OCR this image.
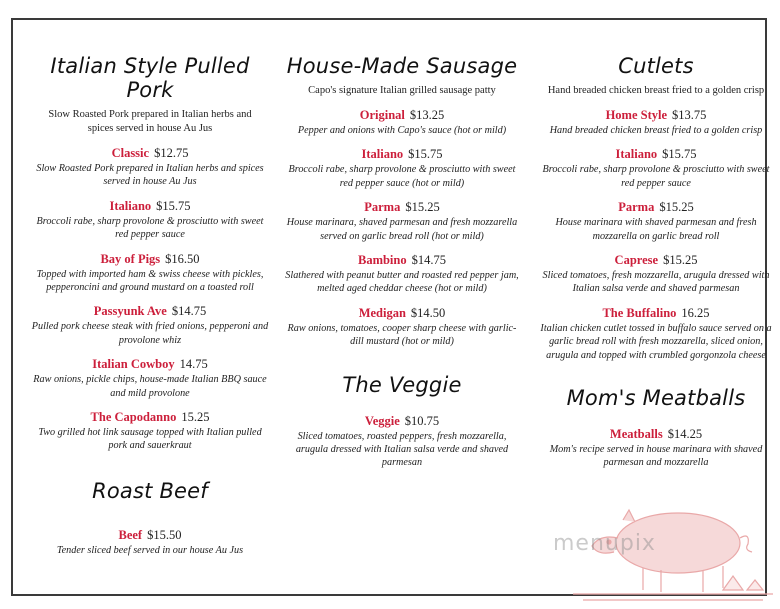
Italian Style Pulled Pork

Slow Roasted Pork prepared in Italian herbs and spices served in house Au Jus

Classic $12.75

Slow Roasted Pork prepared in Italian herbs and spices served in house Au Jus

Italiano $15.75

Broccoli rabe, sharp provolone & prosciutto with sweet red pepper sauce

Bay of Pigs $16.50

Topped with imported ham & swiss cheese with pickles, pepperoncini and ground mustard on a toasted roll

Passyunk Ave $14.75

Pulled pork cheese steak with fried onions, pepperoni and provolone whiz

Italian Cowboy 14.75

Raw onions, pickle chips, house-made Italian BBQ sauce and mild provolone

The Capodanno 15.25

Two grilled hot link sausage topped with Italian pulled pork and sauerkraut

Roast Beef

Beef $15.50

Tender sliced beef served in our house Au Jus

House-Made Sausage

Capo's signature Italian grilled sausage patty

Original $13.25

Pepper and onions with Capo's sauce (hot or mild)

Italiano $15.75

Broccoli rabe, sharp provolone & prosciutto with sweet red pepper sauce (hot or mild)

Parma $15.25

House marinara, shaved parmesan and fresh mozzarella served on garlic bread roll (hot or mild)

Bambino $14.75

Slathered with peanut butter and roasted red pepper jam, melted aged cheddar cheese (hot or mild)

Medigan $14.50

Raw onions, tomatoes, cooper sharp cheese with garlic-dill mustard (hot or mild)

The Veggie

Veggie $10.75

Sliced tomatoes, roasted peppers, fresh mozzarella, arugula dressed with Italian salsa verde and shaved parmesan

Cutlets

Hand breaded chicken breast fried to a golden crisp

Home Style $13.75

Hand breaded chicken breast fried to a golden crisp

Italiano $15.75

Broccoli rabe, sharp provolone & prosciutto with sweet red pepper sauce

Parma $15.25

House marinara with shaved parmesan and fresh mozzarella on garlic bread roll

Caprese $15.25

Sliced tomatoes, fresh mozzarella, arugula dressed with Italian salsa verde and shaved parmesan

The Buffalino 16.25

Italian chicken cutlet tossed in buffalo sauce served on a garlic bread roll with fresh mozzarella, sliced onion, arugula and topped with crumbled gorgonzola cheese

Mom's Meatballs

Meatballs $14.25

Mom's recipe served in house marinara with shaved parmesan and mozzarella

menupix
